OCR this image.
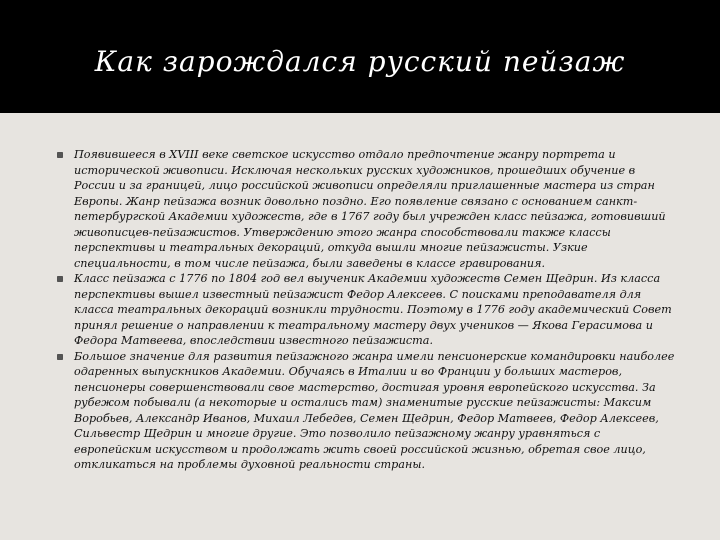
Как зарождался русский пейзаж

Появившееся в XVIII веке светское искусство отдало предпочтение жанру портрета и исторической живописи. Исключая нескольких русских художников, прошедших обучение в России и за границей, лицо российской живописи определяли приглашенные мастера из стран Европы. Жанр пейзажа возник довольно поздно. Его появление связано с основанием санкт-петербургской Академии художеств, где в 1767 году был учрежден класс пейзажа, готовивший живописцев-пейзажистов. Утверждению этого жанра способствовали также классы перспективы и театральных декораций, откуда вышли многие пейзажисты. Узкие специальности, в том числе пейзажа, были заведены в классе гравирования.

Класс пейзажа с 1776 по 1804 год вел выученик Академии художеств Семен Щедрин. Из класса перспективы вышел известный пейзажист Федор Алексеев. С поисками преподавателя для класса театральных декораций возникли трудности. Поэтому в 1776 году академический Совет принял решение о направлении к театральному мастеру двух учеников — Якова Герасимова и Федора Матвеева, впоследствии известного пейзажиста.

Большое значение для развития пейзажного жанра имели пенсионерские командировки наиболее одаренных выпускников Академии. Обучаясь в Италии и во Франции у больших мастеров, пенсионеры совершенствовали свое мастерство, достигая уровня европейского искусства. За рубежом побывали (а некоторые и остались там) знаменитые русские пейзажисты: Максим Воробьев, Александр Иванов, Михаил Лебедев, Семен Щедрин, Федор Матвеев, Федор Алексеев, Сильвестр Щедрин и многие другие. Это позволило пейзажному жанру уравняться с европейским искусством и продолжать жить своей российской жизнью, обретая свое лицо, откликаться на проблемы духовной реальности страны.
